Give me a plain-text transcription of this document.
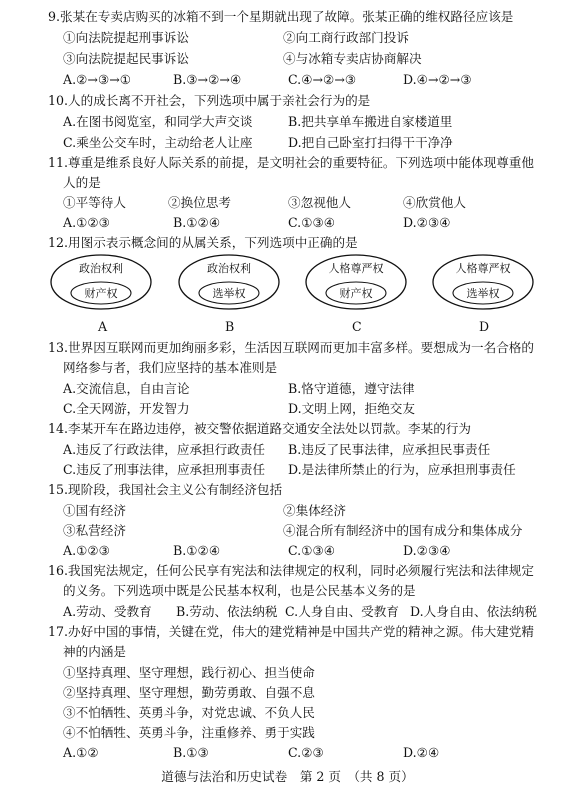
9.张某在专卖店购买的冰箱不到一个星期就出现了故障。张某正确的维权路径应该是
①向法院提起刑事诉讼	②向工商行政部门投诉
③向法院提起民事诉讼	④与冰箱专卖店协商解决
A.②→③→①	B.③→②→④	C.④→②→③	D.④→②→③
10.人的成长离不开社会，下列选项中属于亲社会行为的是
A.在图书阅览室，和同学大声交谈	B.把共享单车搬进自家楼道里
C.乘坐公交车时，主动给老人让座	D.把自己卧室打扫得干干净净
11.尊重是维系良好人际关系的前提，是文明社会的重要特征。下列选项中能体现尊重他
人的是
①平等待人	②换位思考	③忽视他人	④欣赏他人
A.①②③	B.①②④	C.①③④	D.②③④
12.用图示表示概念间的从属关系，下列选项中正确的是
政治权利
财产权
政治权利
选举权
人格尊严权
财产权
人格尊严权
选举权
A	B	C	D
13.世界因互联网而更加绚丽多彩，生活因互联网而更加丰富多样。要想成为一名合格的
网络参与者，我们应坚持的基本准则是
A.交流信息，自由言论	B.恪守道德，遵守法律
C.全天网游，开发智力	D.文明上网，拒绝交友
14.李某开车在路边违停，被交警依据道路交通安全法处以罚款。李某的行为
A.违反了行政法律，应承担行政责任 B.违反了民事法律，应承担民事责任
C.违反了刑事法律，应承担刑事责任 D.是法律所禁止的行为，应承担刑事责任
15.现阶段，我国社会主义公有制经济包括
①国有经济	②集体经济
③私营经济	④混合所有制经济中的国有成分和集体成分
A.①②③	B.①②④	C.①③④	D.②③④
16.我国宪法规定，任何公民享有宪法和法律规定的权利，同时必须履行宪法和法律规定
的义务。下列选项中既是公民基本权利，也是公民基本义务的是
A.劳动、受教育 B.劳动、依法纳税 C.人身自由、受教育 D.人身自由、依法纳税
17.办好中国的事情，关键在党，伟大的建党精神是中国共产党的精神之源。伟大建党精
神的内涵是
①坚持真理、坚守理想，践行初心、担当使命
②坚持真理、坚守理想，勤劳勇敢、自强不息
③不怕牺牲、英勇斗争，对党忠诚、不负人民
④不怕牺牲、英勇斗争，注重修养、勇于实践
A.①②	B.①③	C.②③	D.②④
道德与法治和历史试卷　第 2 页　（共 8 页）
